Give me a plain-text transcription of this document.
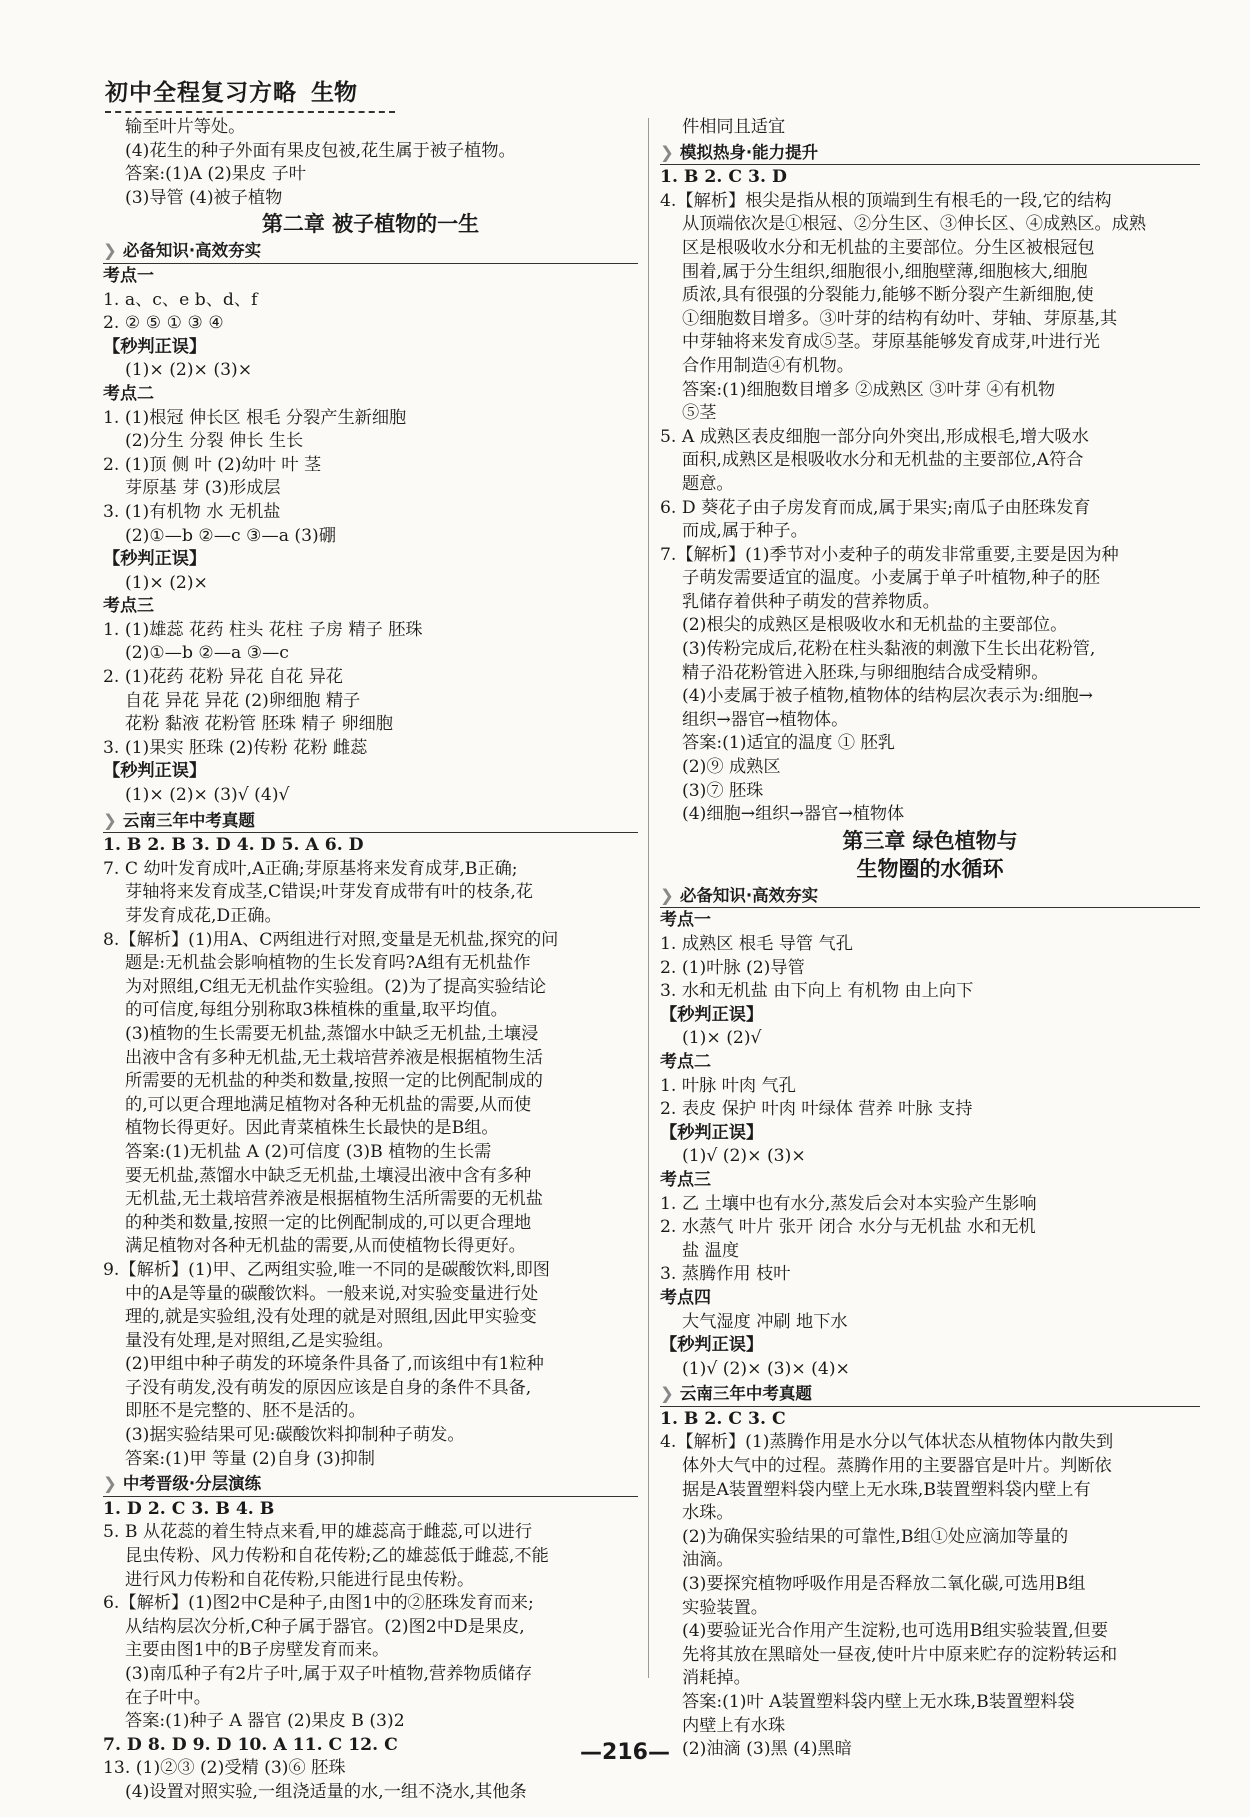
初中全程复习方略 生物
输至叶片等处。
(4)花生的种子外面有果皮包被,花生属于被子植物。
答案:(1)A (2)果皮 子叶
(3)导管 (4)被子植物
第二章 被子植物的一生
❯ 必备知识·高效夯实
考点一
1. a、c、e b、d、f
2. ② ⑤ ① ③ ④
【秒判正误】
(1)× (2)× (3)×
考点二
1. (1)根冠 伸长区 根毛 分裂产生新细胞
(2)分生 分裂 伸长 生长
2. (1)顶 侧 叶 (2)幼叶 叶 茎
芽原基 芽 (3)形成层
3. (1)有机物 水 无机盐
(2)①—b ②—c ③—a (3)硼
【秒判正误】
(1)× (2)×
考点三
1. (1)雄蕊 花药 柱头 花柱 子房 精子 胚珠
(2)①—b ②—a ③—c
2. (1)花药 花粉 异花 自花 异花
自花 异花 异花 (2)卵细胞 精子
花粉 黏液 花粉管 胚珠 精子 卵细胞
3. (1)果实 胚珠 (2)传粉 花粉 雌蕊
【秒判正误】
(1)× (2)× (3)√ (4)√
❯ 云南三年中考真题
1. B 2. B 3. D 4. D 5. A 6. D
7. C 幼叶发育成叶,A正确;芽原基将来发育成芽,B正确;
芽轴将来发育成茎,C错误;叶芽发育成带有叶的枝条,花
芽发育成花,D正确。
8.【解析】(1)用A、C两组进行对照,变量是无机盐,探究的问
题是:无机盐会影响植物的生长发育吗?A组有无机盐作
为对照组,C组无无机盐作实验组。(2)为了提高实验结论
的可信度,每组分别称取3株植株的重量,取平均值。
(3)植物的生长需要无机盐,蒸馏水中缺乏无机盐,土壤浸
出液中含有多种无机盐,无土栽培营养液是根据植物生活
所需要的无机盐的种类和数量,按照一定的比例配制成的
的,可以更合理地满足植物对各种无机盐的需要,从而使
植物长得更好。因此青菜植株生长最快的是B组。
答案:(1)无机盐 A (2)可信度 (3)B 植物的生长需
要无机盐,蒸馏水中缺乏无机盐,土壤浸出液中含有多种
无机盐,无土栽培营养液是根据植物生活所需要的无机盐
的种类和数量,按照一定的比例配制成的,可以更合理地
满足植物对各种无机盐的需要,从而使植物长得更好。
9.【解析】(1)甲、乙两组实验,唯一不同的是碳酸饮料,即图
中的A是等量的碳酸饮料。一般来说,对实验变量进行处
理的,就是实验组,没有处理的就是对照组,因此甲实验变
量没有处理,是对照组,乙是实验组。
(2)甲组中种子萌发的环境条件具备了,而该组中有1粒种
子没有萌发,没有萌发的原因应该是自身的条件不具备,
即胚不是完整的、胚不是活的。
(3)据实验结果可见:碳酸饮料抑制种子萌发。
答案:(1)甲 等量 (2)自身 (3)抑制
❯ 中考晋级·分层演练
1. D 2. C 3. B 4. B
5. B 从花蕊的着生特点来看,甲的雄蕊高于雌蕊,可以进行
昆虫传粉、风力传粉和自花传粉;乙的雄蕊低于雌蕊,不能
进行风力传粉和自花传粉,只能进行昆虫传粉。
6.【解析】(1)图2中C是种子,由图1中的②胚珠发育而来;
从结构层次分析,C种子属于器官。(2)图2中D是果皮,
主要由图1中的B子房壁发育而来。
(3)南瓜种子有2片子叶,属于双子叶植物,营养物质储存
在子叶中。
答案:(1)种子 A 器官 (2)果皮 B (3)2
7. D 8. D 9. D 10. A 11. C 12. C
13. (1)②③ (2)受精 (3)⑥ 胚珠
(4)设置对照实验,一组浇适量的水,一组不浇水,其他条
件相同且适宜
❯ 模拟热身·能力提升
1. B 2. C 3. D
4.【解析】根尖是指从根的顶端到生有根毛的一段,它的结构
从顶端依次是①根冠、②分生区、③伸长区、④成熟区。成熟
区是根吸收水分和无机盐的主要部位。分生区被根冠包
围着,属于分生组织,细胞很小,细胞壁薄,细胞核大,细胞
质浓,具有很强的分裂能力,能够不断分裂产生新细胞,使
①细胞数目增多。③叶芽的结构有幼叶、芽轴、芽原基,其
中芽轴将来发育成⑤茎。芽原基能够发育成芽,叶进行光
合作用制造④有机物。
答案:(1)细胞数目增多 ②成熟区 ③叶芽 ④有机物
⑤茎
5. A 成熟区表皮细胞一部分向外突出,形成根毛,增大吸水
面积,成熟区是根吸收水分和无机盐的主要部位,A符合
题意。
6. D 葵花子由子房发育而成,属于果实;南瓜子由胚珠发育
而成,属于种子。
7.【解析】(1)季节对小麦种子的萌发非常重要,主要是因为种
子萌发需要适宜的温度。小麦属于单子叶植物,种子的胚
乳储存着供种子萌发的营养物质。
(2)根尖的成熟区是根吸收水和无机盐的主要部位。
(3)传粉完成后,花粉在柱头黏液的刺激下生长出花粉管,
精子沿花粉管进入胚珠,与卵细胞结合成受精卵。
(4)小麦属于被子植物,植物体的结构层次表示为:细胞→
组织→器官→植物体。
答案:(1)适宜的温度 ① 胚乳
(2)⑨ 成熟区
(3)⑦ 胚珠
(4)细胞→组织→器官→植物体
第三章 绿色植物与
生物圈的水循环
❯ 必备知识·高效夯实
考点一
1. 成熟区 根毛 导管 气孔
2. (1)叶脉 (2)导管
3. 水和无机盐 由下向上 有机物 由上向下
【秒判正误】
(1)× (2)√
考点二
1. 叶脉 叶肉 气孔
2. 表皮 保护 叶肉 叶绿体 营养 叶脉 支持
【秒判正误】
(1)√ (2)× (3)×
考点三
1. 乙 土壤中也有水分,蒸发后会对本实验产生影响
2. 水蒸气 叶片 张开 闭合 水分与无机盐 水和无机
盐 温度
3. 蒸腾作用 枝叶
考点四
大气湿度 冲刷 地下水
【秒判正误】
(1)√ (2)× (3)× (4)×
❯ 云南三年中考真题
1. B 2. C 3. C
4.【解析】(1)蒸腾作用是水分以气体状态从植物体内散失到
体外大气中的过程。蒸腾作用的主要器官是叶片。判断依
据是A装置塑料袋内壁上无水珠,B装置塑料袋内壁上有
水珠。
(2)为确保实验结果的可靠性,B组①处应滴加等量的
油滴。
(3)要探究植物呼吸作用是否释放二氧化碳,可选用B组
实验装置。
(4)要验证光合作用产生淀粉,也可选用B组实验装置,但要
先将其放在黑暗处一昼夜,使叶片中原来贮存的淀粉转运和
消耗掉。
答案:(1)叶 A装置塑料袋内壁上无水珠,B装置塑料袋
内壁上有水珠
(2)油滴 (3)黑 (4)黑暗
—216—
